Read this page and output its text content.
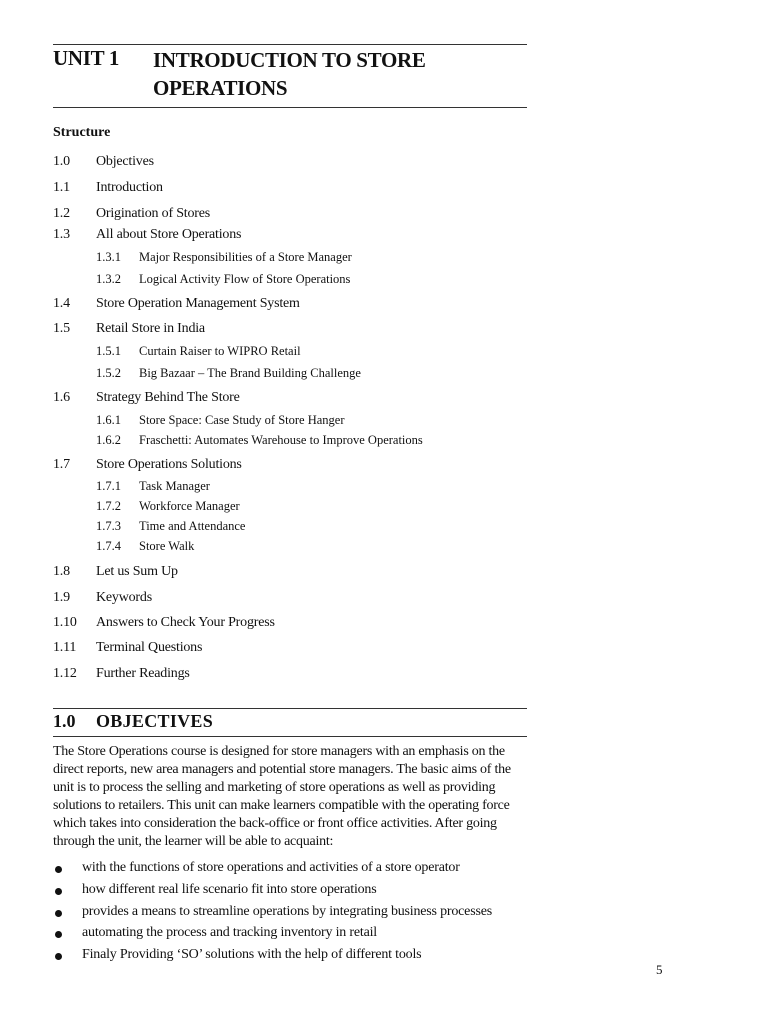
UNIT 1 INTRODUCTION TO STORE
OPERATIONS
Structure
1.0 Objectives
1.1 Introduction
1.2 Origination of Stores
1.3 All about Store Operations
1.3.1 Major Responsibilities of a Store Manager
1.3.2 Logical Activity Flow of Store Operations
1.4 Store Operation Management System
1.5 Retail Store in India
1.5.1 Curtain Raiser to WIPRO Retail
1.5.2 Big Bazaar – The Brand Building Challenge
1.6 Strategy Behind The Store
1.6.1 Store Space: Case Study of Store Hanger
1.6.2 Fraschetti: Automates Warehouse to Improve Operations
1.7 Store Operations Solutions
1.7.1 Task Manager
1.7.2 Workforce Manager
1.7.3 Time and Attendance
1.7.4 Store Walk
1.8 Let us Sum Up
1.9 Keywords
1.10 Answers to Check Your Progress
1.11 Terminal Questions
1.12 Further Readings
1.0 OBJECTIVES
The Store Operations course is designed for store managers with an emphasis on the direct reports, new area managers and potential store managers. The basic aims of the unit is to process the selling and marketing of store operations as well as providing solutions to retailers. This unit can make learners compatible with the operating force which takes into consideration the back-office or front office activities. After going through the unit, the learner will be able to acquaint:
with the functions of store operations and activities of a store operator
how different real life scenario fit into store operations
provides a means to streamline operations by integrating business processes
automating the process and tracking inventory in retail
Finaly Providing ‘SO’ solutions with the help of different tools
5
